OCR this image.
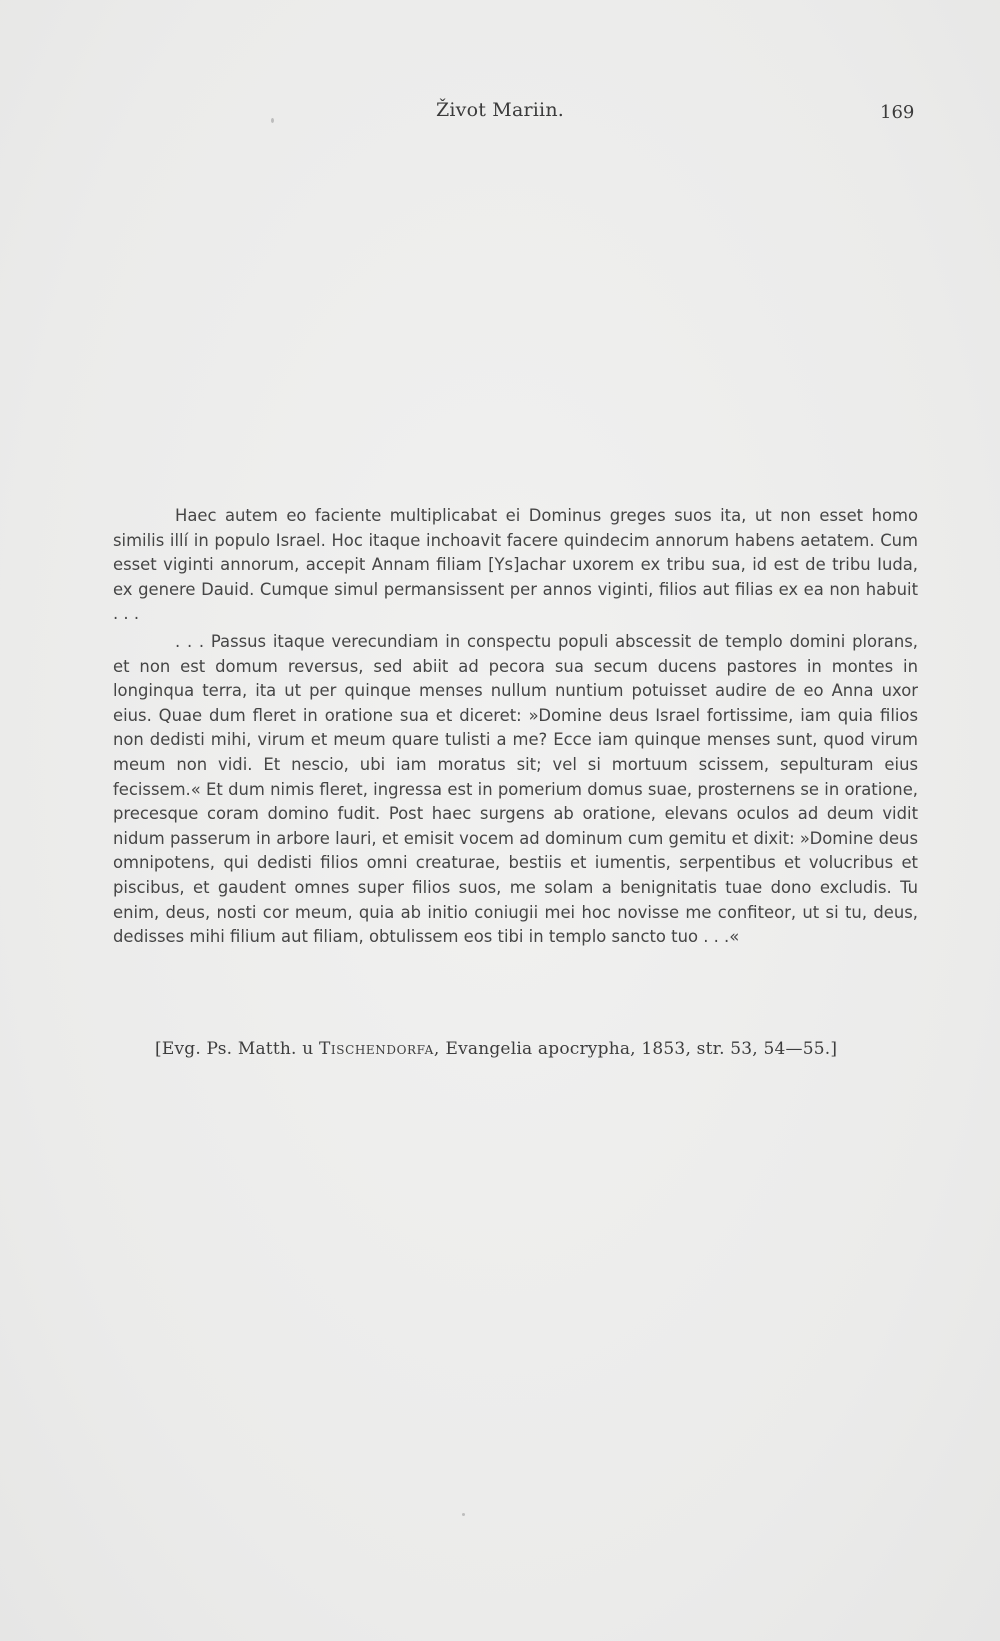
Život Mariin.	169

Haec autem eo faciente multiplicabat ei Dominus greges suos ita, ut non esset homo similis illí in populo Israel. Hoc itaque inchoavit facere quindecim annorum habens aetatem. Cum esset viginti annorum, accepit Annam filiam [Ys]achar uxorem ex tribu sua, id est de tribu Iuda, ex genere Dauid. Cumque simul permansissent per annos viginti, filios aut filias ex ea non habuit . . .

. . . Passus itaque verecundiam in conspectu populi abscessit de templo domini plorans, et non est domum reversus, sed abiit ad pecora sua secum ducens pastores in montes in longinqua terra, ita ut per quinque menses nullum nuntium potuisset audire de eo Anna uxor eius. Quae dum fleret in oratione sua et diceret: »Domine deus Israel fortissime, iam quia filios non dedisti mihi, virum et meum quare tulisti a me? Ecce iam quinque menses sunt, quod virum meum non vidi. Et nescio, ubi iam moratus sit; vel si mortuum scissem, sepulturam eius fecissem.« Et dum nimis fleret, ingressa est in pomerium domus suae, prosternens se in oratione, precesque coram domino fudit. Post haec surgens ab oratione, elevans oculos ad deum vidit nidum passerum in arbore lauri, et emisit vocem ad dominum cum gemitu et dixit: »Domine deus omnipotens, qui dedisti filios omni creaturae, bestiis et iumentis, serpentibus et volucribus et piscibus, et gaudent omnes super filios suos, me solam a benignitatis tuae dono excludis. Tu enim, deus, nosti cor meum, quia ab initio coniugii mei hoc novisse me confiteor, ut si tu, deus, dedisses mihi filium aut filiam, obtulissem eos tibi in templo sancto tuo . . .«

[Evg. Ps. Matth. u Tischendorfa, Evangelia apocrypha, 1853, str. 53, 54—55.]
